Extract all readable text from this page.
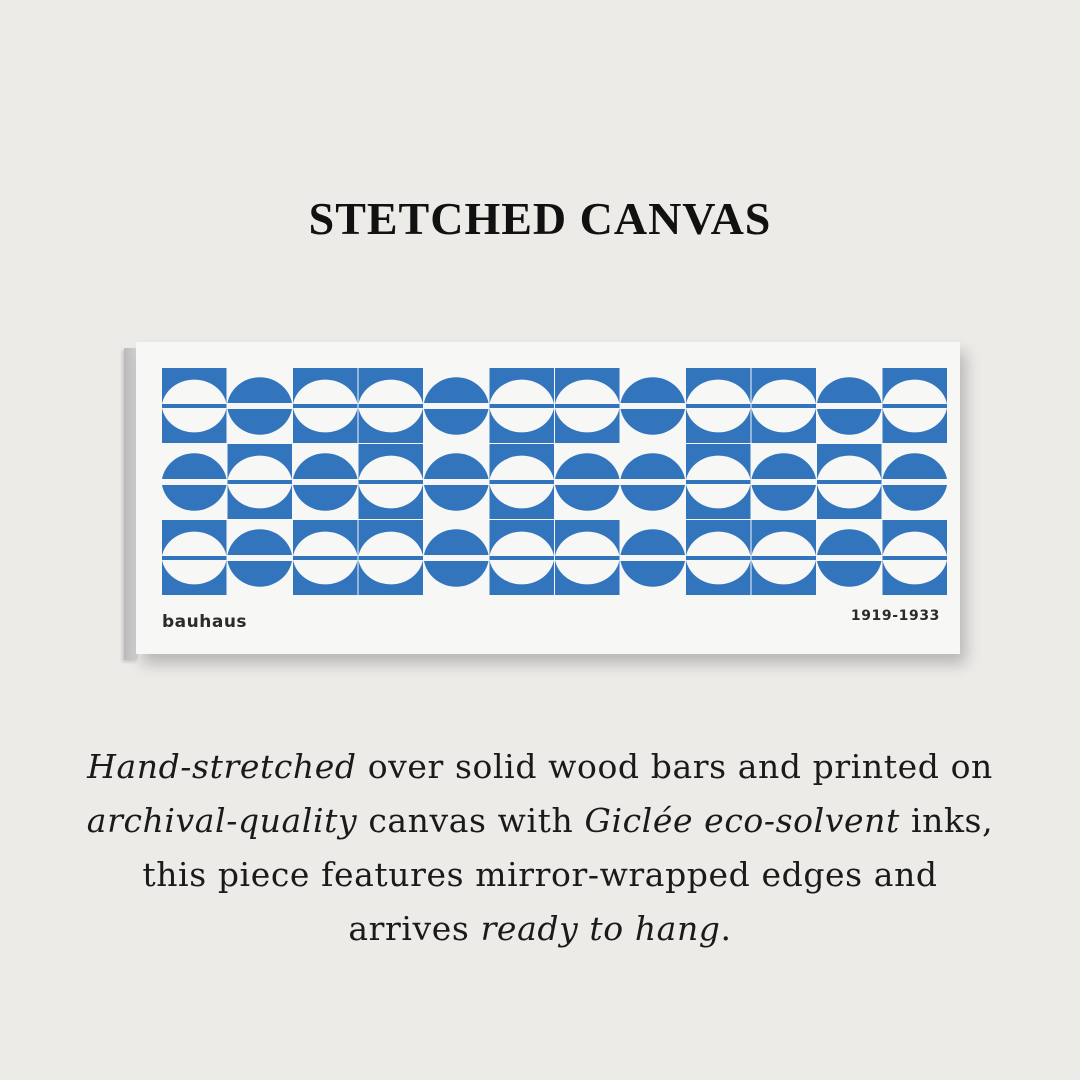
STETCHED CANVAS
bauhaus	1919-1933
Hand-stretched over solid wood bars and printed on archival-quality canvas with Giclée eco-solvent inks, this piece features mirror-wrapped edges and arrives ready to hang.
